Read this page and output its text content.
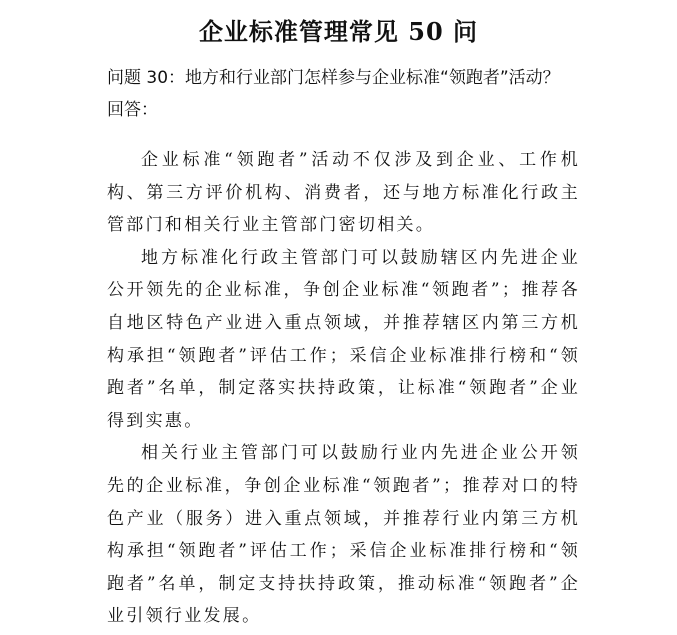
企业标准管理常见 50 问
问题 30：地方和行业部门怎样参与企业标准“领跑者”活动？
回答：

企业标准“领跑者”活动不仅涉及到企业、工作机构、第三方评价机构、消费者，还与地方标准化行政主管部门和相关行业主管部门密切相关。

地方标准化行政主管部门可以鼓励辖区内先进企业公开领先的企业标准，争创企业标准“领跑者”；推荐各自地区特色产业进入重点领域，并推荐辖区内第三方机构承担“领跑者”评估工作；采信企业标准排行榜和“领跑者”名单，制定落实扶持政策，让标准“领跑者”企业得到实惠。

相关行业主管部门可以鼓励行业内先进企业公开领先的企业标准，争创企业标准“领跑者”；推荐对口的特色产业（服务）进入重点领域，并推荐行业内第三方机构承担“领跑者”评估工作；采信企业标准排行榜和“领跑者”名单，制定支持扶持政策，推动标准“领跑者”企业引领行业发展。
